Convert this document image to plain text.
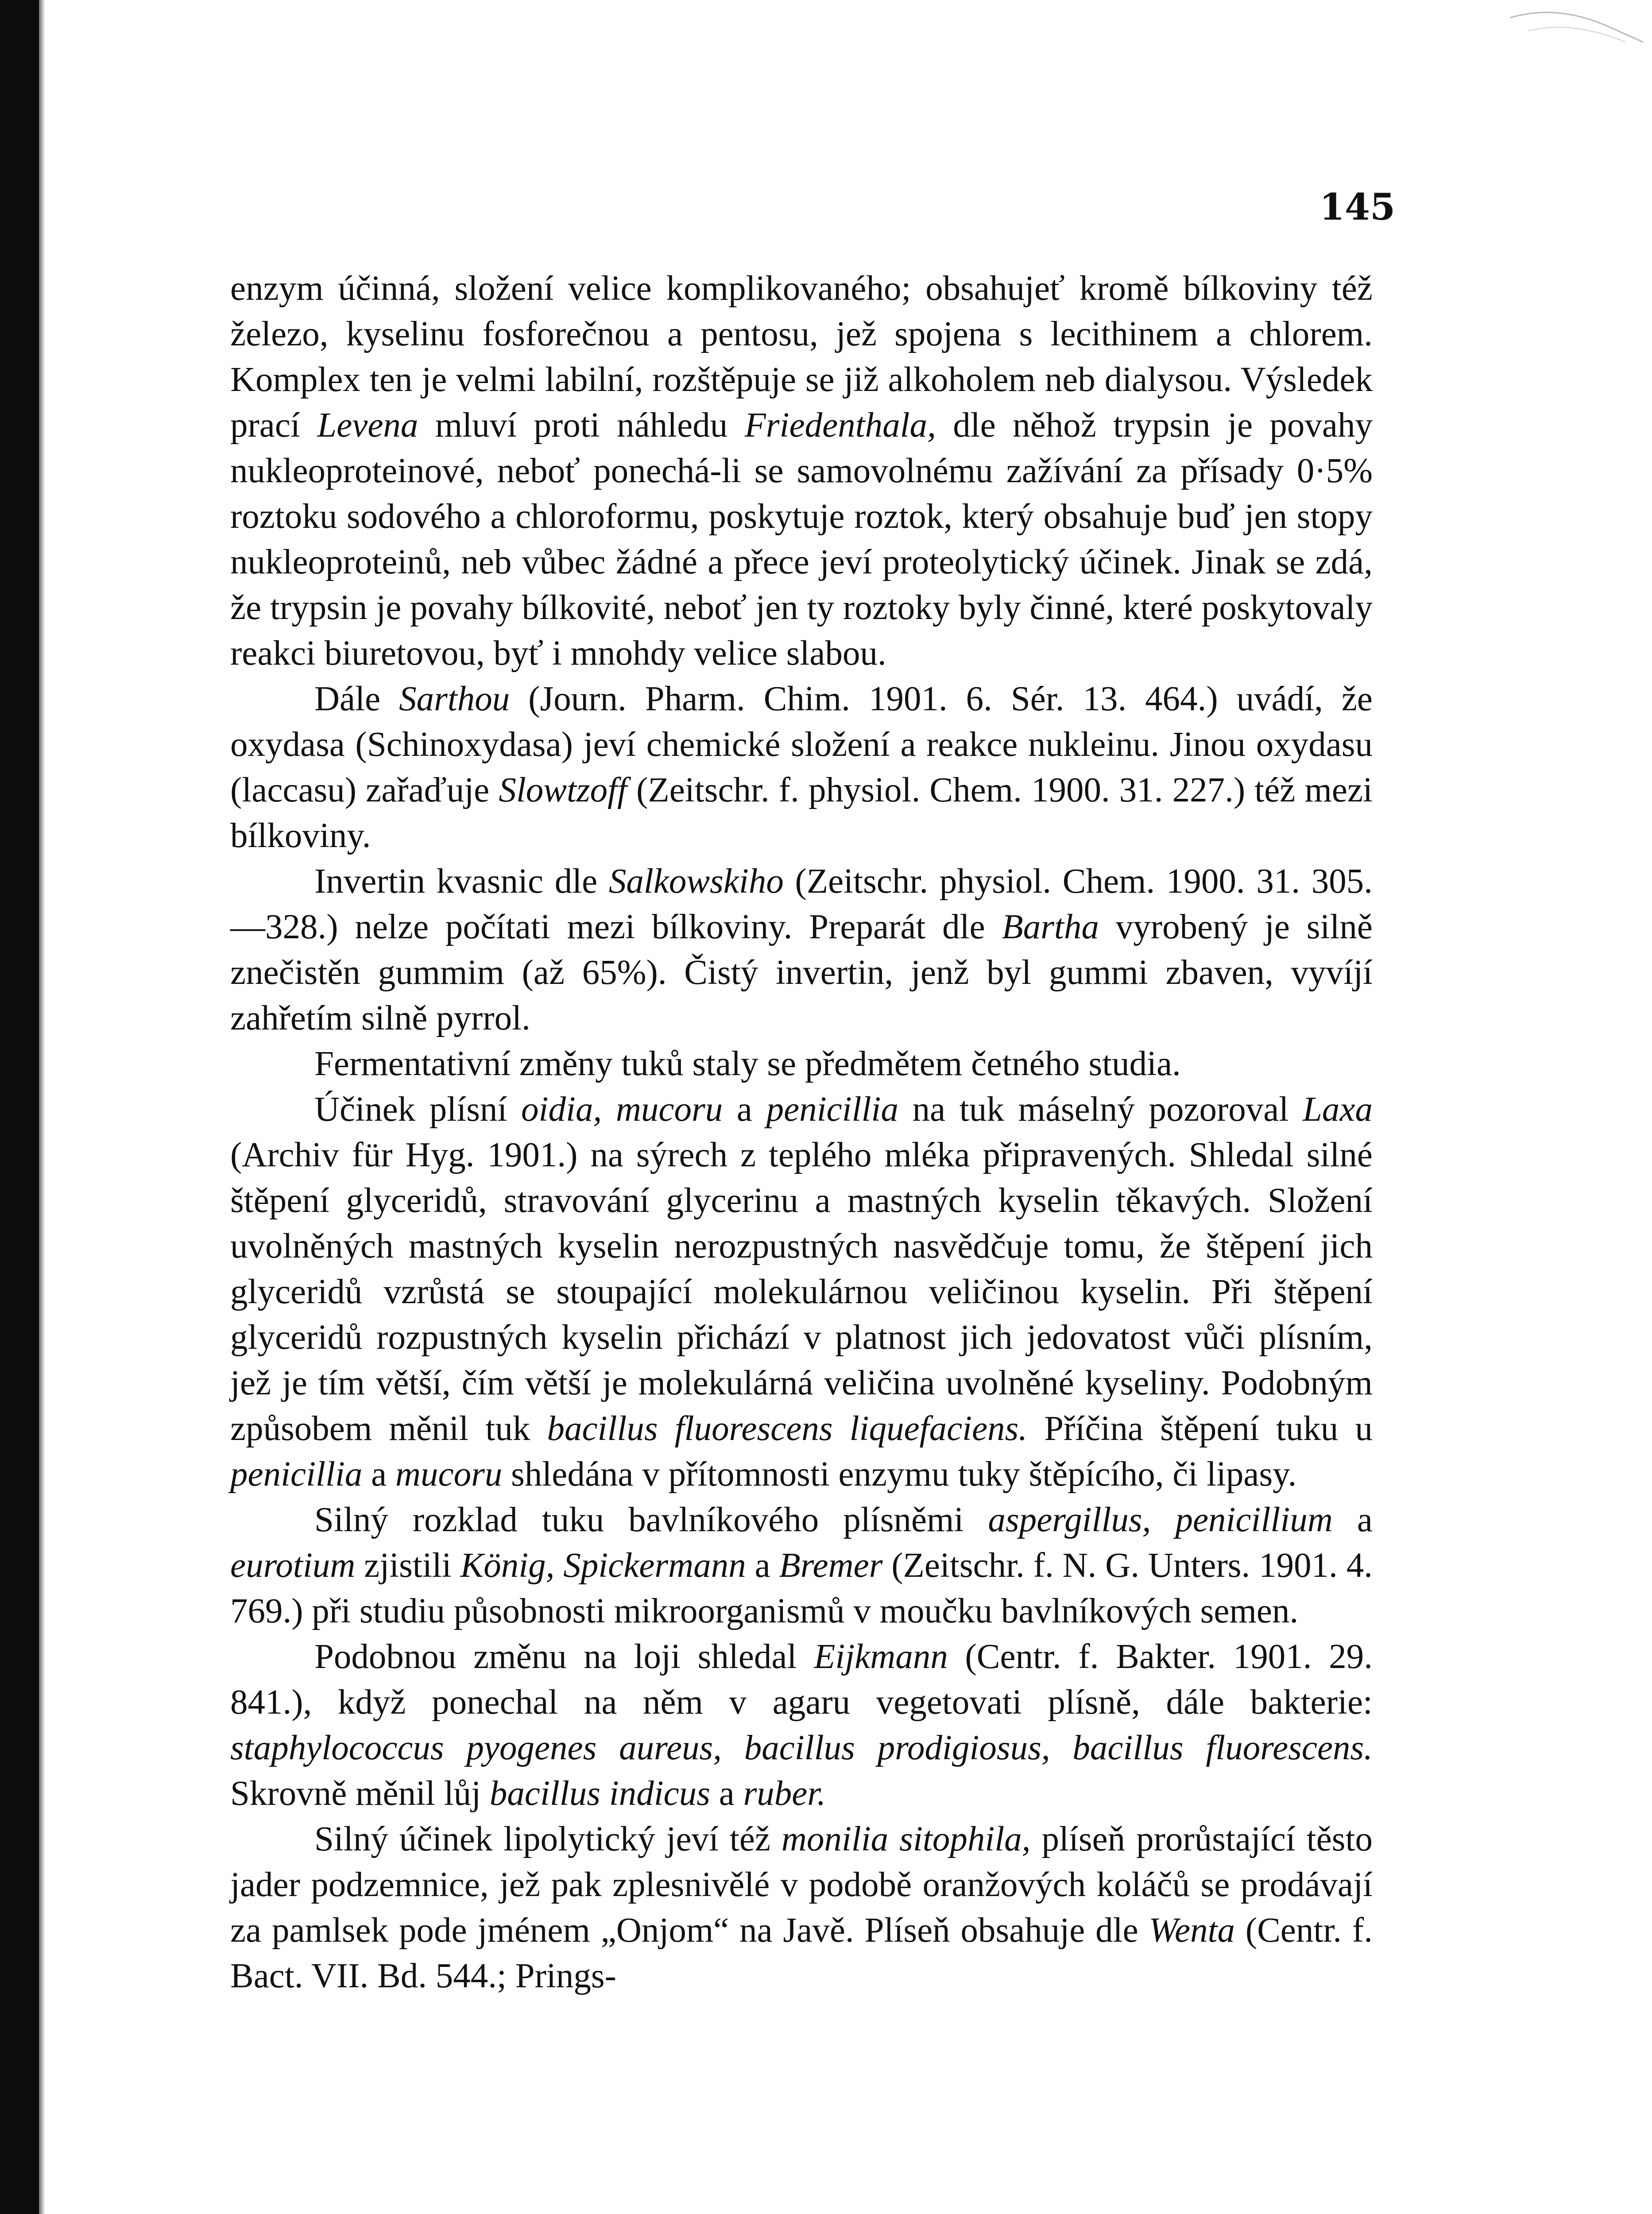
145

enzym účinná, složení velice komplikovaného; obsahujeť kromě bílkoviny též železo, kyselinu fosforečnou a pentosu, jež spojena s lecithinem a chlorem. Komplex ten je velmi labilní, rozštěpuje se již alkoholem neb dialysou. Výsledek prací Levena mluví proti náhledu Friedenthala, dle něhož trypsin je povahy nukleoproteinové, neboť ponechá-li se samovolnému zažívání za přísady 0·5% roztoku sodového a chloroformu, poskytuje roztok, který obsahuje buď jen stopy nukleoproteinů, neb vůbec žádné a přece jeví proteolytický účinek. Jinak se zdá, že trypsin je povahy bílkovité, neboť jen ty roztoky byly činné, které poskytovaly reakci biuretovou, byť i mnohdy velice slabou.

Dále Sarthou (Journ. Pharm. Chim. 1901. 6. Sér. 13. 464.) uvádí, že oxydasa (Schinoxydasa) jeví chemické složení a reakce nukleinu. Jinou oxydasu (laccasu) zařaďuje Slowtzoff (Zeitschr. f. physiol. Chem. 1900. 31. 227.) též mezi bílkoviny.

Invertin kvasnic dle Salkowskiho (Zeitschr. physiol. Chem. 1900. 31. 305.—328.) nelze počítati mezi bílkoviny. Preparát dle Bartha vyrobený je silně znečistěn gummim (až 65%). Čistý invertin, jenž byl gummi zbaven, vyvíjí zahřetím silně pyrrol.

Fermentativní změny tuků staly se předmětem četného studia.

Účinek plísní oidia, mucoru a penicillia na tuk máselný pozoroval Laxa (Archiv für Hyg. 1901.) na sýrech z teplého mléka připravených. Shledal silné štěpení glyceridů, stravování glycerinu a mastných kyselin těkavých. Složení uvolněných mastných kyselin nerozpustných nasvědčuje tomu, že štěpení jich glyceridů vzrůstá se stoupající molekulárnou veličinou kyselin. Při štěpení glyceridů rozpustných kyselin přichází v platnost jich jedovatost vůči plísním, jež je tím větší, čím větší je molekulárná veličina uvolněné kyseliny. Podobným způsobem měnil tuk bacillus fluorescens liquefaciens. Příčina štěpení tuku u penicillia a mucoru shledána v přítomnosti enzymu tuky štěpícího, či lipasy.

Silný rozklad tuku bavlníkového plísněmi aspergillus, penicillium a eurotium zjistili König, Spickermann a Bremer (Zeitschr. f. N. G. Unters. 1901. 4. 769.) při studiu působnosti mikroorganismů v moučku bavlníkových semen.

Podobnou změnu na loji shledal Eijkmann (Centr. f. Bakter. 1901. 29. 841.), když ponechal na něm v agaru vegetovati plísně, dále bakterie: staphylococcus pyogenes aureus, bacillus prodigiosus, bacillus fluorescens. Skrovně měnil lůj bacillus indicus a ruber.

Silný účinek lipolytický jeví též monilia sitophila, plíseň prorůstající těsto jader podzemnice, jež pak zplesnivělé v podobě oranžových koláčů se prodávají za pamlsek pode jménem „Onjom“ na Javě. Plíseň obsahuje dle Wenta (Centr. f. Bact. VII. Bd. 544.; Prings-
